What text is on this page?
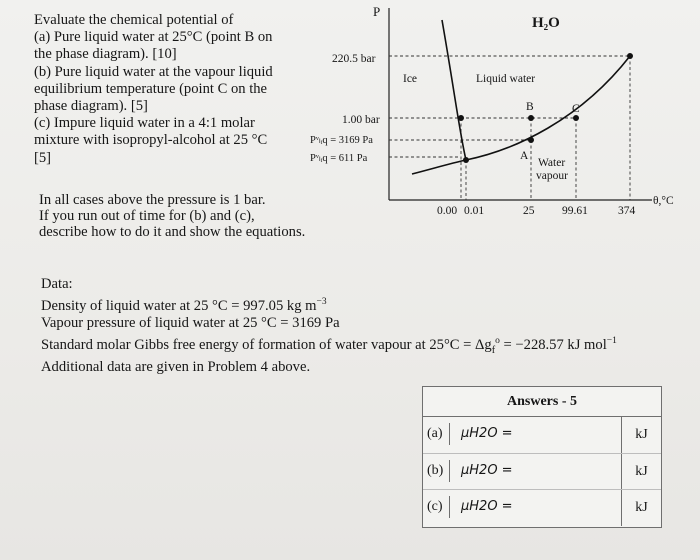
Evaluate the chemical potential of
(a) Pure liquid water at 25°C (point B on
the phase diagram). [10]
(b) Pure liquid water at the vapour liquid
equilibrium temperature (point C on the
phase diagram). [5]
(c) Impure liquid water in a 4:1 molar
mixture with isopropyl-alcohol at 25 °C
[5]
In all cases above the pressure is 1 bar.
If you run out of time for (b) and (c),
describe how to do it and show the equations.
P
H₂O
220.5 bar
1.00 bar
Pᵛₗᵢq = 3169 Pa
Pᵛₗᵢq = 611 Pa
Ice	Liquid water
Water
vapour
A
B	C
0.00 0.01	25 99.61	374
θ,°C
Data:
Density of liquid water at 25 °C = 997.05 kg $m^{-3}$
Vapour pressure of liquid water at 25 °C = 3169 Pa
Standard molar Gibbs free energy of formation of water vapour at $25^\circ C = \Delta g_f^o = -228.57$ kJ mol$^{-1}$
Additional data are given in Problem 4 above.
Answers - 5
(a)	μH2O =	kJ
(b)	μH2O =	kJ
(c)	μH2O =	kJ
